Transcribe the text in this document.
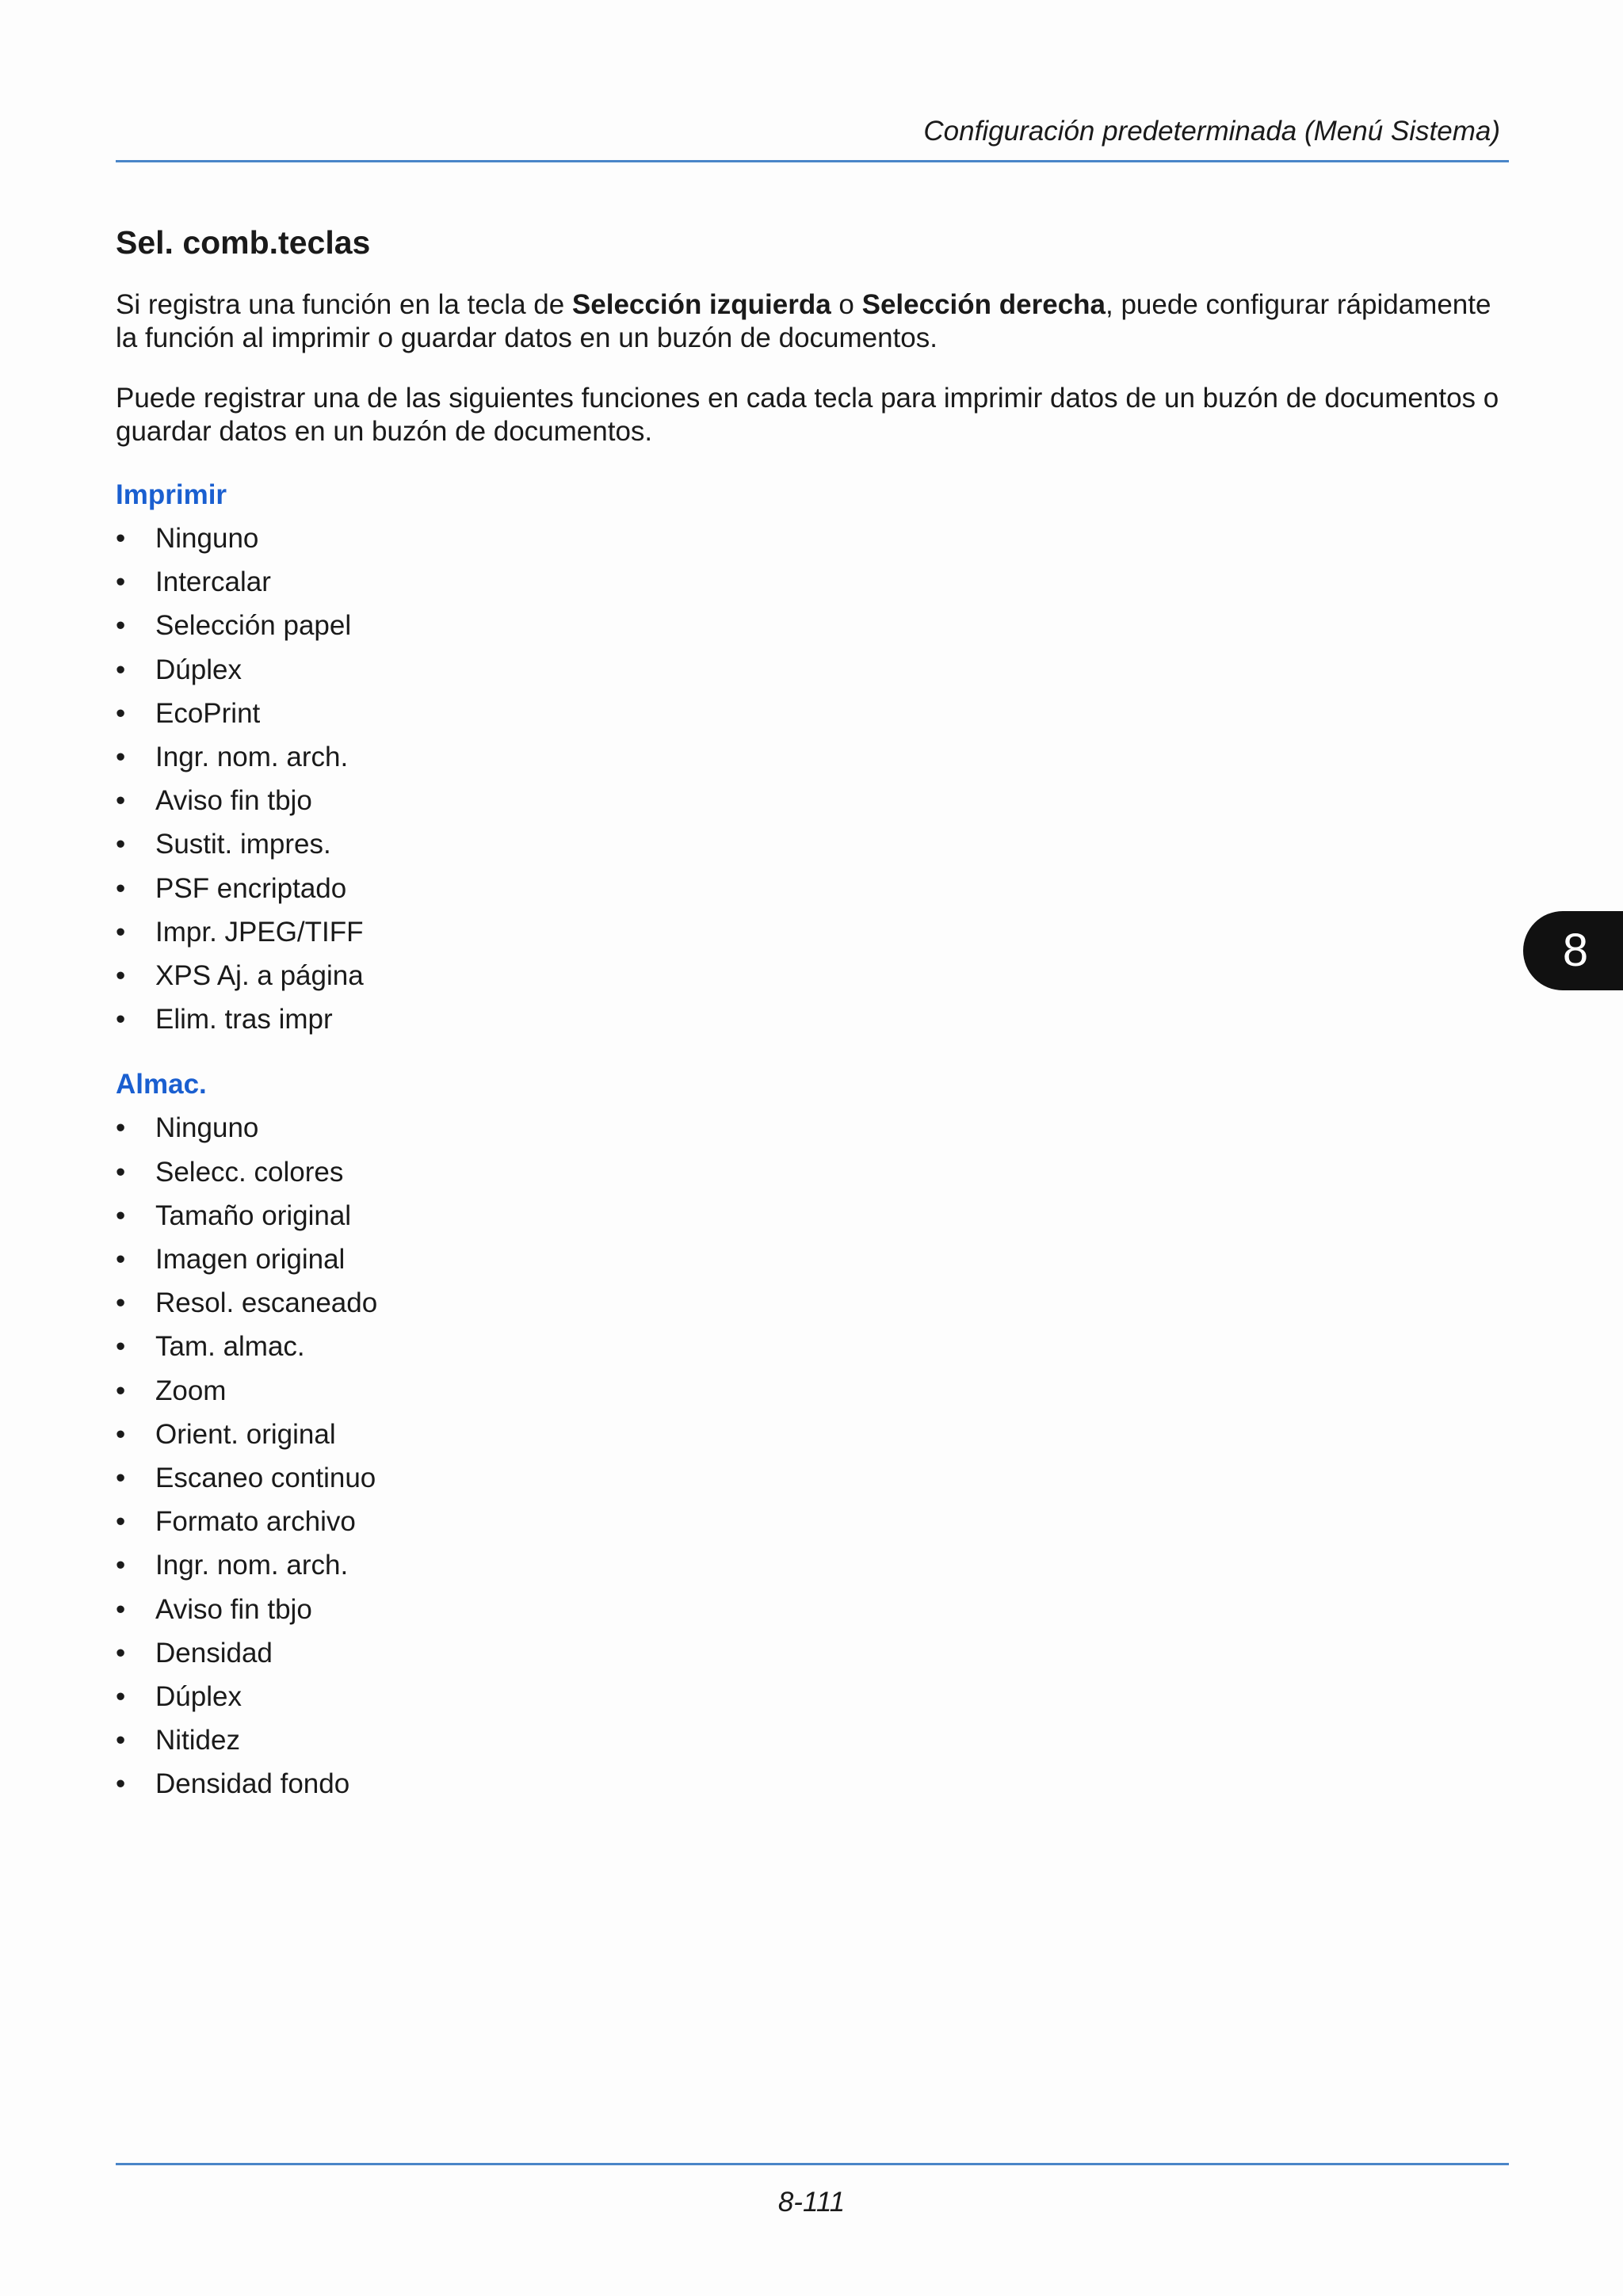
Configuración predeterminada (Menú Sistema)
Sel. comb.teclas

Si registra una función en la tecla de Selección izquierda o Selección derecha, puede configurar rápidamente la función al imprimir o guardar datos en un buzón de documentos.

Puede registrar una de las siguientes funciones en cada tecla para imprimir datos de un buzón de documentos o guardar datos en un buzón de documentos.

Imprimir
• Ninguno
• Intercalar
• Selección papel
• Dúplex
• EcoPrint
• Ingr. nom. arch.
• Aviso fin tbjo
• Sustit. impres.
• PSF encriptado
• Impr. JPEG/TIFF
• XPS Aj. a página
• Elim. tras impr
Almac.
• Ninguno
• Selecc. colores
• Tamaño original
• Imagen original
• Resol. escaneado
• Tam. almac.
• Zoom
• Orient. original
• Escaneo continuo
• Formato archivo
• Ingr. nom. arch.
• Aviso fin tbjo
• Densidad
• Dúplex
• Nitidez
• Densidad fondo
8
8-111
